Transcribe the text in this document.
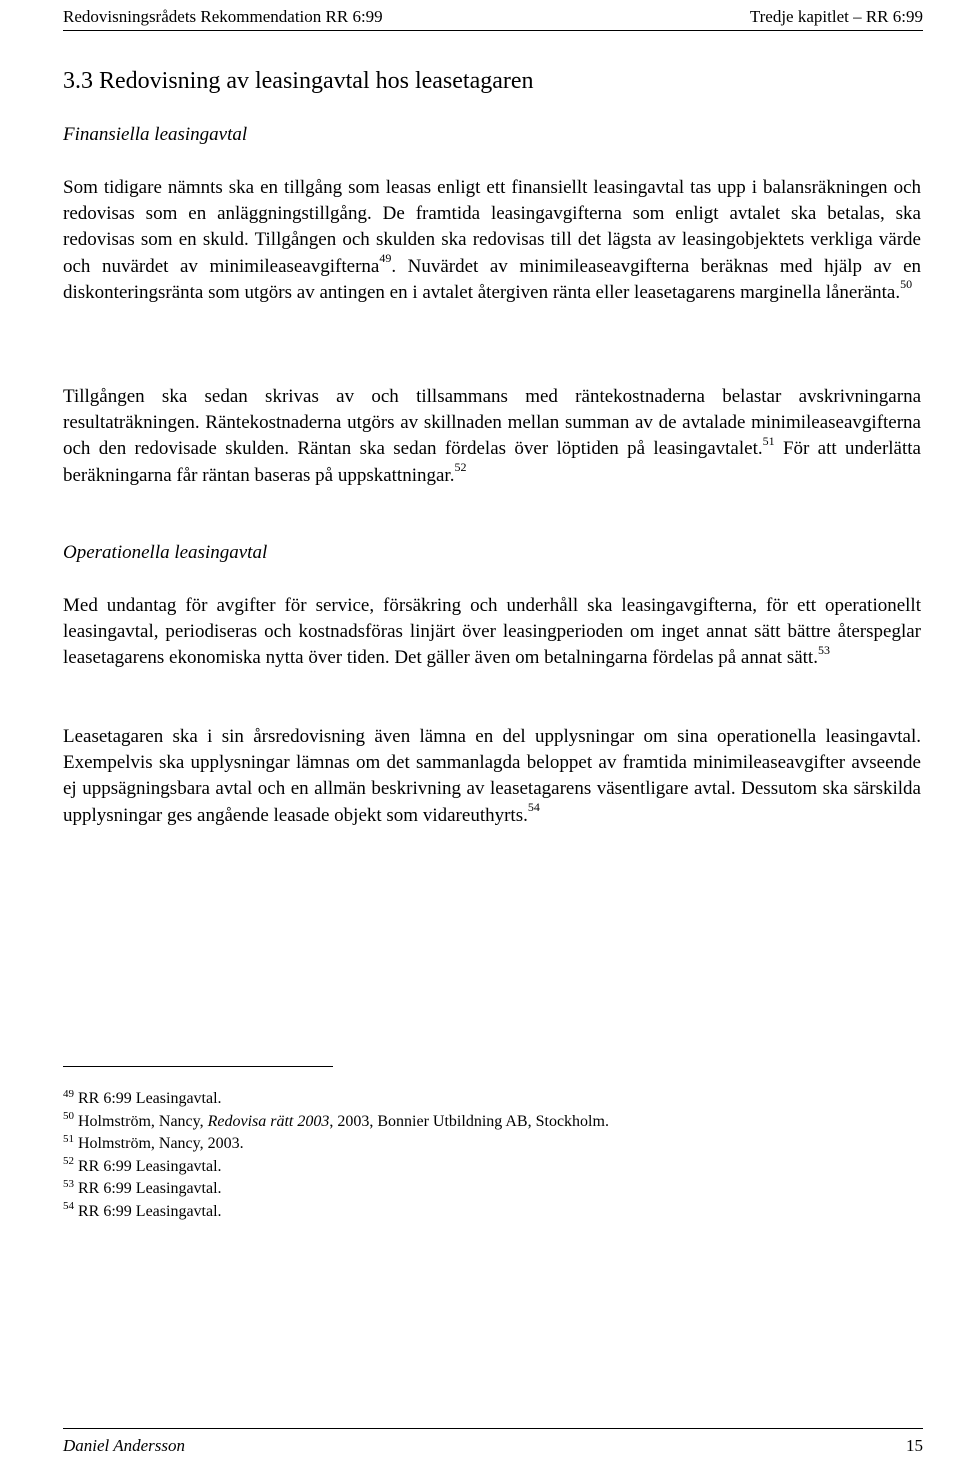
Redovisningsrådets Rekommendation RR 6:99	Tredje kapitlet – RR 6:99
3.3 Redovisning av leasingavtal hos leasetagaren
Finansiella leasingavtal

Som tidigare nämnts ska en tillgång som leasas enligt ett finansiellt leasingavtal tas upp i balansräkningen och redovisas som en anläggningstillgång. De framtida leasingavgifterna som enligt avtalet ska betalas, ska redovisas som en skuld. Tillgången och skulden ska redovisas till det lägsta av leasingobjektets verkliga värde och nuvärdet av minimileaseavgifterna$^{49}$. Nuvärdet av minimileaseavgifterna beräknas med hjälp av en diskonteringsränta som utgörs av antingen en i avtalet återgiven ränta eller leasetagarens marginella låneränta.$^{50}$

Tillgången ska sedan skrivas av och tillsammans med räntekostnaderna belastar avskrivningarna resultaträkningen. Räntekostnaderna utgörs av skillnaden mellan summan av de avtalade minimileaseavgifterna och den redovisade skulden. Räntan ska sedan fördelas över löptiden på leasingavtalet.$^{51}$ För att underlätta beräkningarna får räntan baseras på uppskattningar.$^{52}$

Operationella leasingavtal

Med undantag för avgifter för service, försäkring och underhåll ska leasingavgifterna, för ett operationellt leasingavtal, periodiseras och kostnadsföras linjärt över leasingperioden om inget annat sätt bättre återspeglar leasetagarens ekonomiska nytta över tiden. Det gäller även om betalningarna fördelas på annat sätt.$^{53}$

Leasetagaren ska i sin årsredovisning även lämna en del upplysningar om sina operationella leasingavtal. Exempelvis ska upplysningar lämnas om det sammanlagda beloppet av framtida minimileaseavgifter avseende ej uppsägningsbara avtal och en allmän beskrivning av leasetagarens väsentligare avtal. Dessutom ska särskilda upplysningar ges angående leasade objekt som vidareuthyrts.$^{54}$

$^{49}$ RR 6:99 Leasingavtal.
$^{50}$ Holmström, Nancy, Redovisa rätt 2003, 2003, Bonnier Utbildning AB, Stockholm.
$^{51}$ Holmström, Nancy, 2003.
$^{52}$ RR 6:99 Leasingavtal.
$^{53}$ RR 6:99 Leasingavtal.
$^{54}$ RR 6:99 Leasingavtal.
Daniel Andersson	15
